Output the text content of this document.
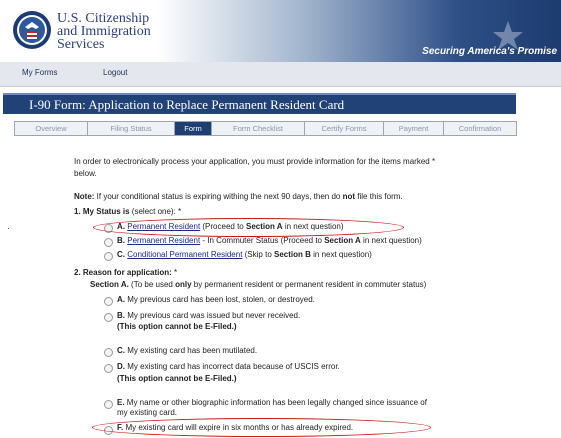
U.S. Citizenship
and Immigration
Services	Securing America's Promise
My Forms	Logout
I-90 Form: Application to Replace Permanent Resident Card
Overview	Filing Status	Form	Form Checklist	Certify Forms	Payment	Confirmation
In order to electronically process your application, you must provide information for the items marked *
below.
Note: If your conditional status is expiring withing the next 90 days, then do not file this form.
1. My Status is (select one): *
A. Permanent Resident (Proceed to Section A in next question)
B. Permanent Resident - In Commuter Status (Proceed to Section A in next question)
C. Conditional Permanent Resident (Skip to Section B in next question)
2. Reason for application: *
Section A. (To be used only by permanent resident or permanent resident in commuter status)
A. My previous card has been lost, stolen, or destroyed.
B. My previous card was issued but never received.
(This option cannot be E-Filed.)
C. My existing card has been mutilated.
D. My existing card has incorrect data because of USCIS error.
(This option cannot be E-Filed.)
E. My name or other biographic information has been legally changed since issuance of
my existing card.
F. My existing card will expire in six months or has already expired.
